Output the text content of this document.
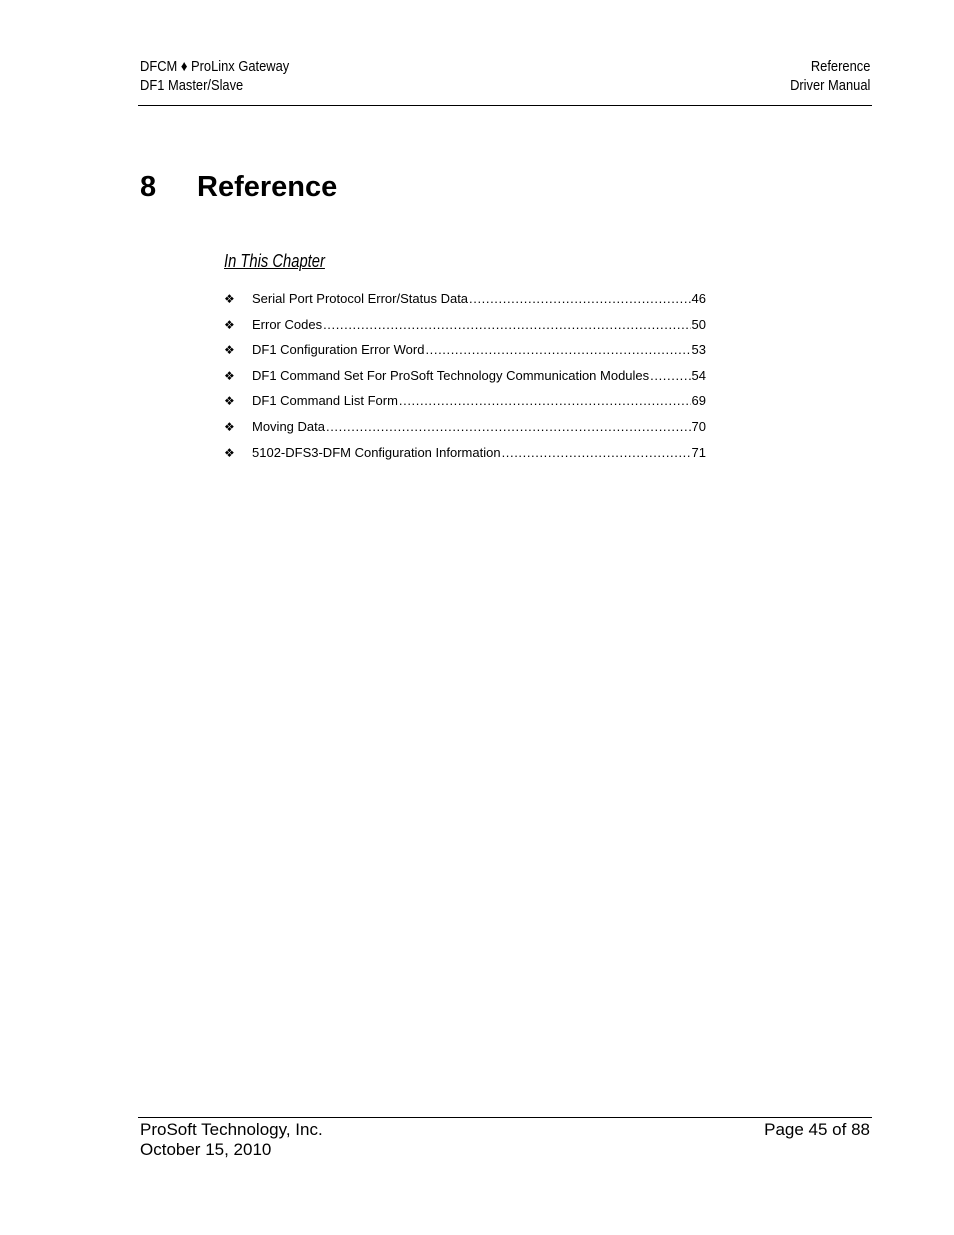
DFCM ♦ ProLinx Gateway
DF1 Master/Slave
Reference
Driver Manual
8 Reference
In This Chapter
❖	Serial Port Protocol Error/Status Data .....	46
❖	Error Codes .....	50
❖	DF1 Configuration Error Word .....	53
❖	DF1 Command Set For ProSoft Technology Communication Modules .....	54
❖	DF1 Command List Form .....	69
❖	Moving Data .....	70
❖	5102-DFS3-DFM Configuration Information .....	71
ProSoft Technology, Inc.
October 15, 2010
Page 45 of 88
